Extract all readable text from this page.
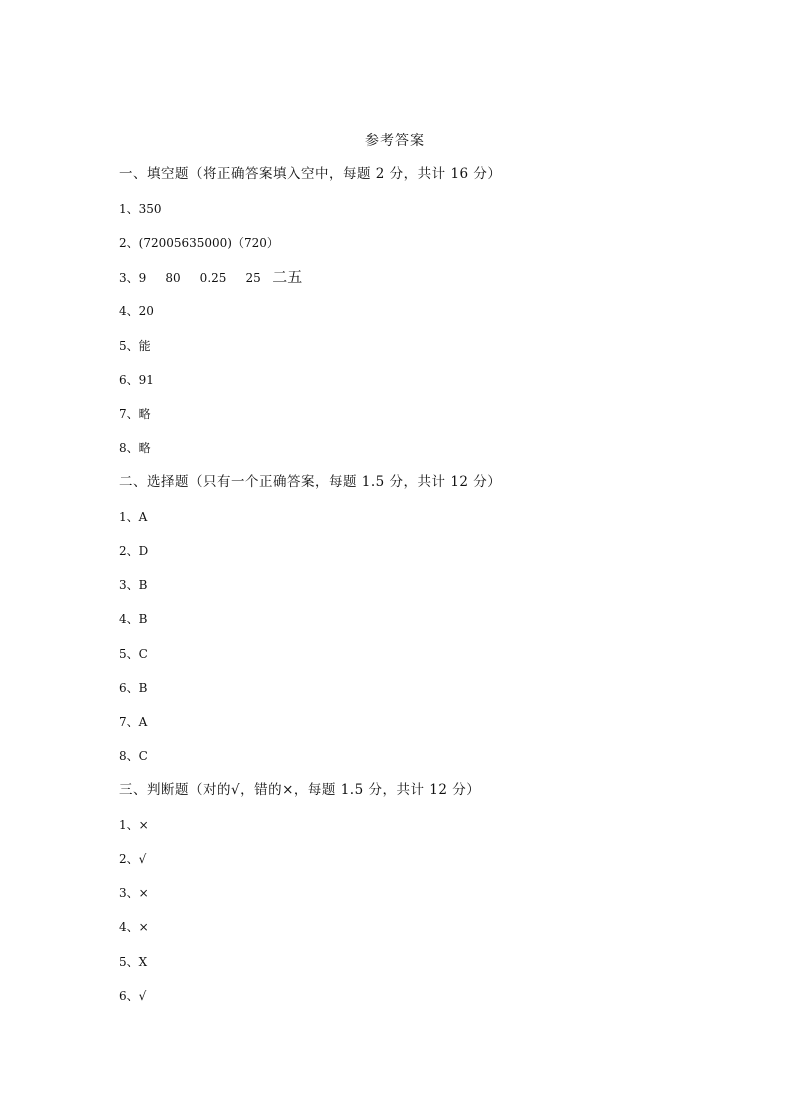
参考答案
一、填空题（将正确答案填入空中，每题 2 分，共计 16 分）
1、350
2、(72005635000)（720）
3、9     80     0.25     25 二五
4、20
5、能
6、91
7、略
8、略
二、选择题（只有一个正确答案，每题 1.5 分，共计 12 分）
1、A
2、D
3、B
4、B
5、C
6、B
7、A
8、C
三、判断题（对的√，错的×，每题 1.5 分，共计 12 分）
1、×
2、√
3、×
4、×
5、X
6、√
